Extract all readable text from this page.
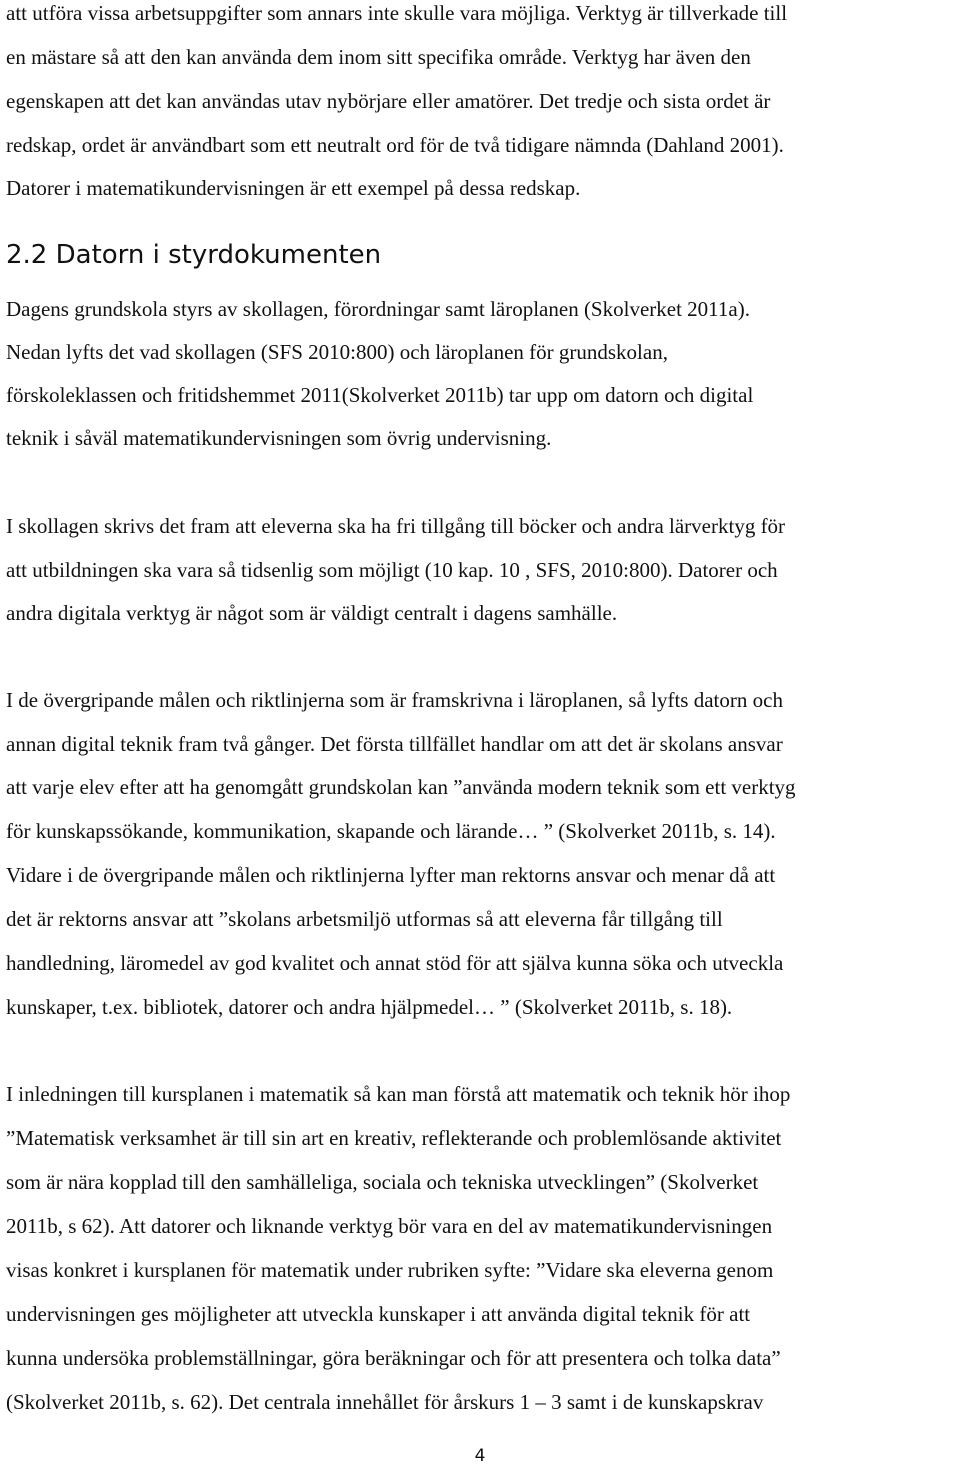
att utföra vissa arbetsuppgifter som annars inte skulle vara möjliga. Verktyg är tillverkade till
en mästare så att den kan använda dem inom sitt specifika område. Verktyg har även den
egenskapen att det kan användas utav nybörjare eller amatörer. Det tredje och sista ordet är
redskap, ordet är användbart som ett neutralt ord för de två tidigare nämnda (Dahland 2001).
Datorer i matematikundervisningen är ett exempel på dessa redskap.
2.2 Datorn i styrdokumenten
Dagens grundskola styrs av skollagen, förordningar samt läroplanen (Skolverket 2011a).
Nedan lyfts det vad skollagen (SFS 2010:800) och läroplanen för grundskolan,
förskoleklassen och fritidshemmet 2011(Skolverket 2011b) tar upp om datorn och digital
teknik i såväl matematikundervisningen som övrig undervisning.
I skollagen skrivs det fram att eleverna ska ha fri tillgång till böcker och andra lärverktyg för
att utbildningen ska vara så tidsenlig som möjligt (10 kap. 10 , SFS, 2010:800). Datorer och
andra digitala verktyg är något som är väldigt centralt i dagens samhälle.
I de övergripande målen och riktlinjerna som är framskrivna i läroplanen, så lyfts datorn och
annan digital teknik fram två gånger. Det första tillfället handlar om att det är skolans ansvar
att varje elev efter att ha genomgått grundskolan kan ”använda modern teknik som ett verktyg
för kunskapssökande, kommunikation, skapande och lärande… ” (Skolverket 2011b, s. 14).
Vidare i de övergripande målen och riktlinjerna lyfter man rektorns ansvar och menar då att
det är rektorns ansvar att ”skolans arbetsmiljö utformas så att eleverna får tillgång till
handledning, läromedel av god kvalitet och annat stöd för att själva kunna söka och utveckla
kunskaper, t.ex. bibliotek, datorer och andra hjälpmedel… ” (Skolverket 2011b, s. 18).
I inledningen till kursplanen i matematik så kan man förstå att matematik och teknik hör ihop
”Matematisk verksamhet är till sin art en kreativ, reflekterande och problemlösande aktivitet
som är nära kopplad till den samhälleliga, sociala och tekniska utvecklingen” (Skolverket
2011b, s 62). Att datorer och liknande verktyg bör vara en del av matematikundervisningen
visas konkret i kursplanen för matematik under rubriken syfte: ”Vidare ska eleverna genom
undervisningen ges möjligheter att utveckla kunskaper i att använda digital teknik för att
kunna undersöka problemställningar, göra beräkningar och för att presentera och tolka data”
(Skolverket 2011b, s. 62). Det centrala innehållet för årskurs 1 – 3 samt i de kunskapskrav
4
